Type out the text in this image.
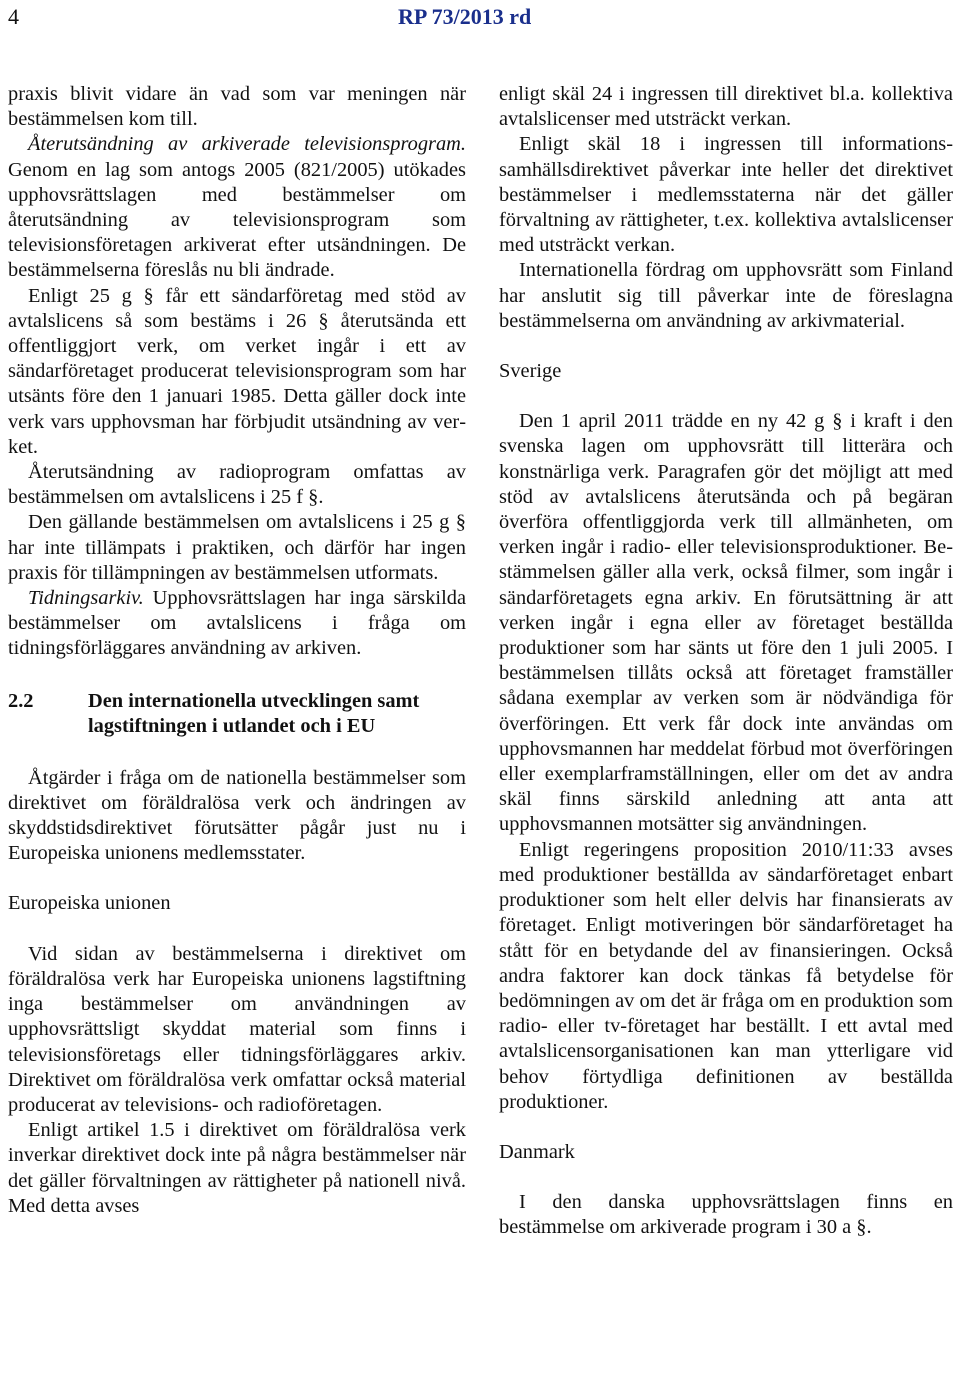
4	RP 73/2013 rd

praxis blivit vidare än vad som var meningen när bestämmelsen kom till.

Återutsändning av arkiverade televisionsprogram. Genom en lag som antogs 2005 (821/2005) utökades upphovsrättslagen med bestämmelser om återutsändning av televisionsprogram som televisionsföretagen arkiverat efter utsändningen. De bestämmelserna föreslås nu bli ändrade.

Enligt 25 g § får ett sändarföretag med stöd av avtalslicens så som bestäms i 26 § återutsända ett offentliggjort verk, om verket ingår i ett av sändarföretaget producerat televisionsprogram som har utsänts före den 1 januari 1985. Detta gäller dock inte verk vars upphovsman har förbjudit utsändning av verket.

Återutsändning av radioprogram omfattas av bestämmelsen om avtalslicens i 25 f §.

Den gällande bestämmelsen om avtalslicens i 25 g § har inte tillämpats i praktiken, och därför har ingen praxis för tillämpningen av bestämmelsen utformats.

Tidningsarkiv. Upphovsrättslagen har inga särskilda bestämmelser om avtalslicens i fråga om tidningsförläggares användning av arkiven.

2.2	Den internationella utvecklingen samt lagstiftningen i utlandet och i EU

Åtgärder i fråga om de nationella bestämmelser som direktivet om föräldralösa verk och ändringen av skyddstidsdirektivet förutsätter pågår just nu i Europeiska unionens medlemsstater.

Europeiska unionen

Vid sidan av bestämmelserna i direktivet om föräldralösa verk har Europeiska unionens lagstiftning inga bestämmelser om användningen av upphovsrättsligt skyddat material som finns i televisionsföretags eller tidningsförläggares arkiv. Direktivet om föräldralösa verk omfattar också material producerat av televisions- och radioföretagen.

Enligt artikel 1.5 i direktivet om föräldralösa verk inverkar direktivet dock inte på några bestämmelser när det gäller förvaltningen av rättigheter på nationell nivå. Med detta avses

enligt skäl 24 i ingressen till direktivet bl.a. kollektiva avtalslicenser med utsträckt verkan.

Enligt skäl 18 i ingressen till informationssamhällsdirektivet påverkar inte heller det direktivet bestämmelser i medlemsstaterna när det gäller förvaltning av rättigheter, t.ex. kollektiva avtalslicenser med utsträckt verkan.

Internationella fördrag om upphovsrätt som Finland har anslutit sig till påverkar inte de föreslagna bestämmelserna om användning av arkivmaterial.

Sverige

Den 1 april 2011 trädde en ny 42 g § i kraft i den svenska lagen om upphovsrätt till litterära och konstnärliga verk. Paragrafen gör det möjligt att med stöd av avtalslicens återutsända och på begäran överföra offentliggjorda verk till allmänheten, om verken ingår i radio- eller televisionsproduktioner. Bestämmelsen gäller alla verk, också filmer, som ingår i sändarföretagets egna arkiv. En förutsättning är att verken ingår i egna eller av företaget beställda produktioner som har sänts ut före den 1 juli 2005. I bestämmelsen tillåts också att företaget framställer sådana exemplar av verken som är nödvändiga för överföringen. Ett verk får dock inte användas om upphovsmannen har meddelat förbud mot överföringen eller exemplarframställningen, eller om det av andra skäl finns särskild anledning att anta att upphovsmannen motsätter sig användningen.

Enligt regeringens proposition 2010/11:33 avses med produktioner beställda av sändarföretaget enbart produktioner som helt eller delvis har finansierats av företaget. Enligt motiveringen bör sändarföretaget ha stått för en betydande del av finansieringen. Också andra faktorer kan dock tänkas få betydelse för bedömningen av om det är fråga om en produktion som radio- eller tv-företaget har beställt. I ett avtal med avtalslicensorganisationen kan man ytterligare vid behov förtydliga definitionen av beställda produktioner.

Danmark

I den danska upphovsrättslagen finns en bestämmelse om arkiverade program i 30 a §.
